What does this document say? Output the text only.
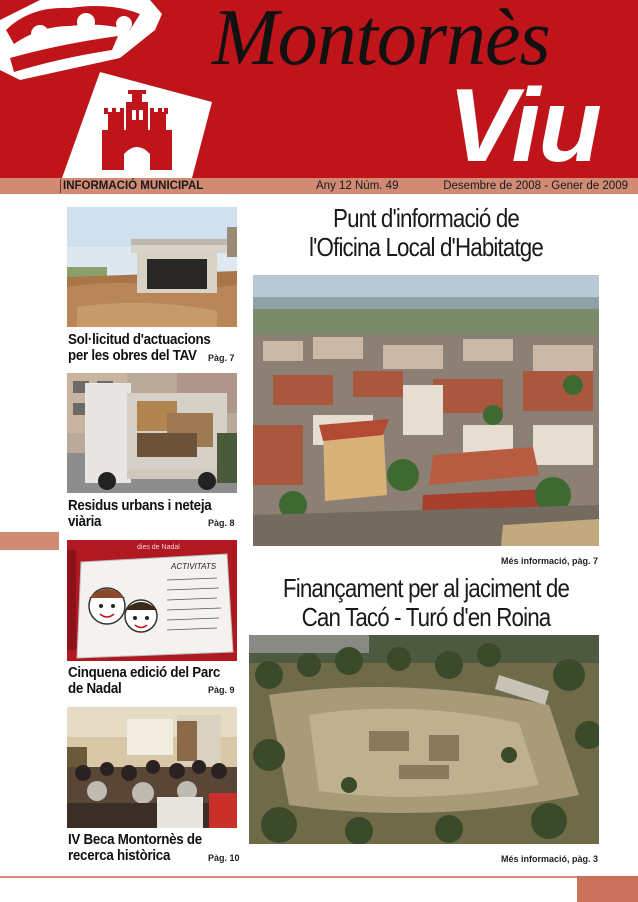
Montornès
Viu
INFORMACIÓ MUNICIPAL	Any 12 Núm. 49	Desembre de 2008 - Gener de 2009
Sol·licitud d'actuacions per les obres del TAV	Pàg. 7
Residus urbans i neteja viària	Pàg. 8
dies de Nadal
ACTIVITATS
Cinquena edició del Parc de Nadal	Pàg. 9
IV Beca Montornès de recerca històrica	Pàg. 10
Punt d'informació de
l'Oficina Local d'Habitatge
Més informació, pàg. 7
Finançament per al jaciment de
Can Tacó - Turó d'en Roina
Més informació, pàg. 3
